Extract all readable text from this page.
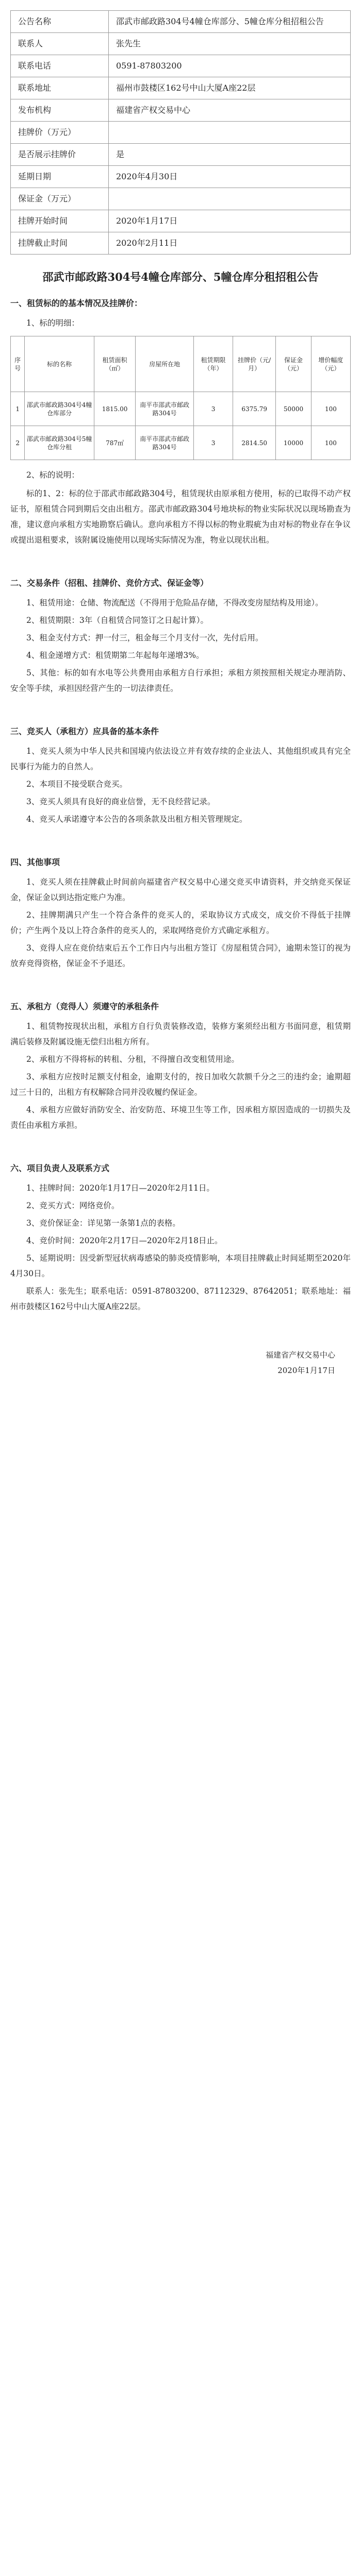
公告名称	邵武市邮政路304号4幢仓库部分、5幢仓库分租招租公告
联系人	张先生
联系电话	0591-87803200
联系地址	福州市鼓楼区162号中山大厦A座22层
发布机构	福建省产权交易中心
挂牌价（万元）	
是否展示挂牌价	是
延期日期	2020年4月30日
保证金（万元）	
挂牌开始时间	2020年1月17日
挂牌截止时间	2020年2月11日
邵武市邮政路304号4幢仓库部分、5幢仓库分租招租公告
一、租赁标的的基本情况及挂牌价：
1、标的明细：
序号	标的名称	租赁面积（㎡）	房屋所在地	租赁期限（年）	挂牌价（元/月）	保证金（元）	增价幅度（元）
1	邵武市邮政路304号4幢仓库部分	1815.00	南平市邵武市邮政路304号	3	6375.79	50000	100
2	邵武市邮政路304号5幢仓库分租	787㎡	南平市邵武市邮政路304号	3	2814.50	10000	100
2、标的说明：
标的1、2：标的位于邵武市邮政路304号，租赁现状由原承租方使用，标的已取得不动产权证书，原租赁合同到期后交由出租方。邵武市邮政路304号地块标的物业实际状况以现场勘查为准，建议意向承租方实地勘察后确认。意向承租方不得以标的物业瑕疵为由对标的物业存在争议或提出退租要求，该附属设施使用以现场实际情况为准，物业以现状出租。
二、交易条件（招租、挂牌价、竞价方式、保证金等）
1、租赁用途：仓储、物流配送（不得用于危险品存储，不得改变房屋结构及用途）。
2、租赁期限：3年（自租赁合同签订之日起计算）。
3、租金支付方式：押一付三，租金每三个月支付一次，先付后用。
4、租金递增方式：租赁期第二年起每年递增3%。
5、其他：标的如有水电等公共费用由承租方自行承担；承租方须按照相关规定办理消防、安全等手续，承担因经营产生的一切法律责任。
三、竞买人（承租方）应具备的基本条件
1、竞买人须为中华人民共和国境内依法设立并有效存续的企业法人、其他组织或具有完全民事行为能力的自然人。
2、本项目不接受联合竞买。
3、竞买人须具有良好的商业信誉，无不良经营记录。
4、竞买人承诺遵守本公告的各项条款及出租方相关管理规定。
四、其他事项
1、竞买人须在挂牌截止时间前向福建省产权交易中心递交竞买申请资料，并交纳竞买保证金，保证金以到达指定账户为准。
2、挂牌期满只产生一个符合条件的竞买人的，采取协议方式成交，成交价不得低于挂牌价；产生两个及以上符合条件的竞买人的，采取网络竞价方式确定承租方。
3、竞得人应在竞价结束后五个工作日内与出租方签订《房屋租赁合同》，逾期未签订的视为放弃竞得资格，保证金不予退还。
五、承租方（竞得人）须遵守的承租条件
1、租赁物按现状出租，承租方自行负责装修改造，装修方案须经出租方书面同意，租赁期满后装修及附属设施无偿归出租方所有。
2、承租方不得将标的转租、分租，不得擅自改变租赁用途。
3、承租方应按时足额支付租金，逾期支付的，按日加收欠款额千分之三的违约金；逾期超过三十日的，出租方有权解除合同并没收履约保证金。
4、承租方应做好消防安全、治安防范、环境卫生等工作，因承租方原因造成的一切损失及责任由承租方承担。
六、项目负责人及联系方式
1、挂牌时间：2020年1月17日—2020年2月11日。
2、竞买方式：网络竞价。
3、竞价保证金：详见第一条第1点的表格。
4、竞价时间：2020年2月17日—2020年2月18日止。
5、延期说明：因受新型冠状病毒感染的肺炎疫情影响，本项目挂牌截止时间延期至2020年4月30日。
联系人：张先生；联系电话：0591-87803200、87112329、87642051；联系地址：福州市鼓楼区162号中山大厦A座22层。
福建省产权交易中心
2020年1月17日
